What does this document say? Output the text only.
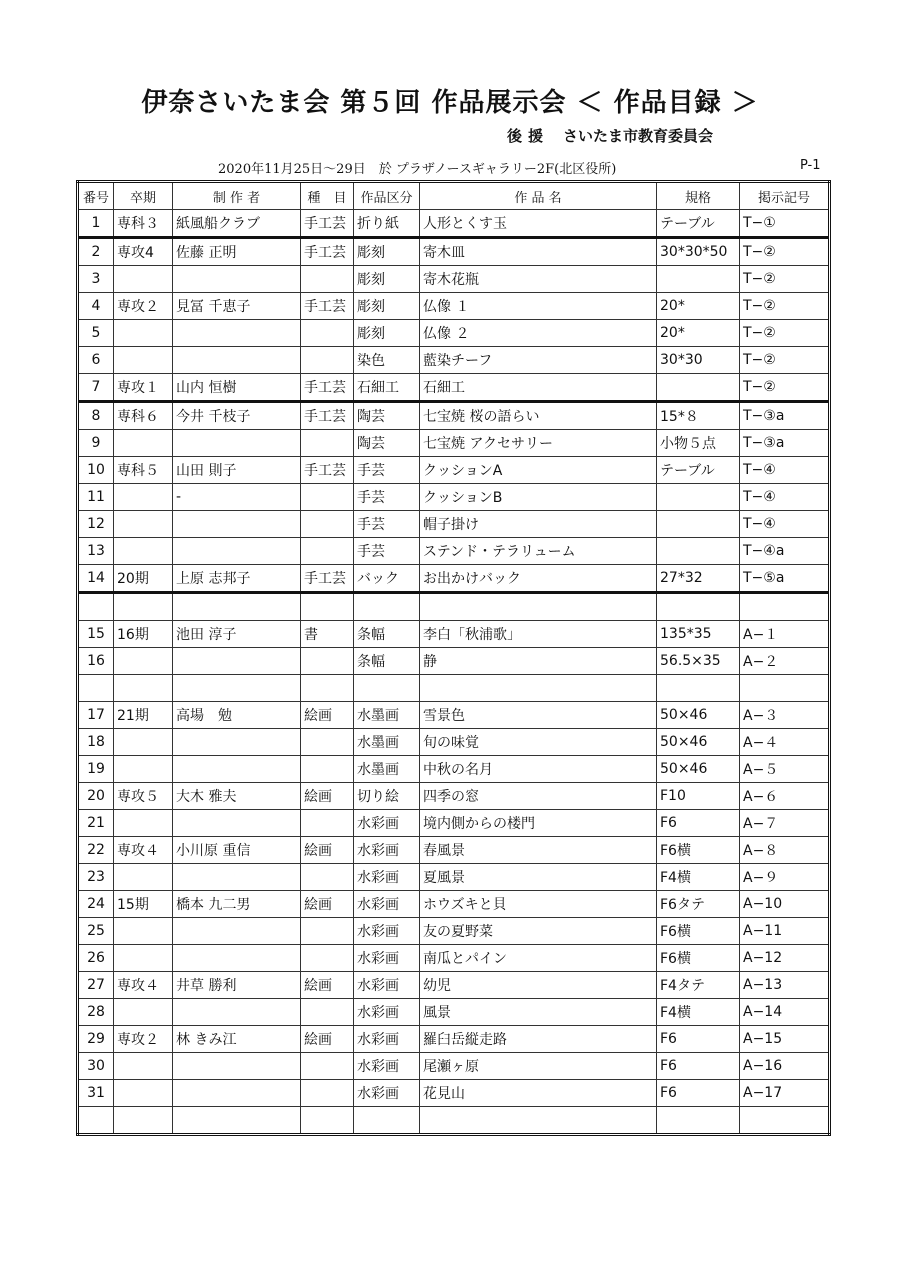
伊奈さいたま会 第５回 作品展示会 ＜ 作品目録 ＞
後援 さいたま市教育委員会
2020年11月25日～29日　於 プラザノースギャラリー2F(北区役所)	P-1
番号	卒期	制 作 者	種　目	作品区分	作 品 名	規格	掲示記号
1	専科３	紙風船クラブ	手工芸	折り紙	人形とくす玉	テーブル	T−①
2	専攻4	佐藤 正明	手工芸	彫刻	寄木皿	30*30*50	T−②
3				彫刻	寄木花瓶		T−②
4	専攻２	見冨 千恵子	手工芸	彫刻	仏像 １	20*	T−②
5				彫刻	仏像 ２	20*	T−②
6				染色	藍染チーフ	30*30	T−②
7	専攻１	山内 恒樹	手工芸	石細工	石細工		T−②
8	専科６	今井 千枝子	手工芸	陶芸	七宝焼 桜の語らい	15*８	T−③a
9				陶芸	七宝焼 アクセサリー	小物５点	T−③a
10	専科５	山田 則子	手工芸	手芸	クッションA	テーブル	T−④
11		-		手芸	クッションB		T−④
12				手芸	帽子掛け		T−④
13				手芸	ステンド・テラリューム		T−④a
14	20期	上原 志邦子	手工芸	バック	お出かけバック	27*32	T−⑤a

15	16期	池田 淳子	書	条幅	李白「秋浦歌」	135*35	A−１
16				条幅	静	56.5×35	A−２

17	21期	高場　勉	絵画	水墨画	雪景色	50×46	A−３
18				水墨画	旬の味覚	50×46	A−４
19				水墨画	中秋の名月	50×46	A−５
20	専攻５	大木 雅夫	絵画	切り絵	四季の窓	F10	A−６
21				水彩画	境内側からの楼門	F6	A−７
22	専攻４	小川原 重信	絵画	水彩画	春風景	F6横	A−８
23				水彩画	夏風景	F4横	A−９
24	15期	橋本 九二男	絵画	水彩画	ホウズキと貝	F6タテ	A−10
25				水彩画	友の夏野菜	F6横	A−11
26				水彩画	南瓜とパイン	F6横	A−12
27	専攻４	井草 勝利	絵画	水彩画	幼児	F4タテ	A−13
28				水彩画	風景	F4横	A−14
29	専攻２	林 きみ江	絵画	水彩画	羅臼岳縦走路	F6	A−15
30				水彩画	尾瀬ヶ原	F6	A−16
31				水彩画	花見山	F6	A−17
